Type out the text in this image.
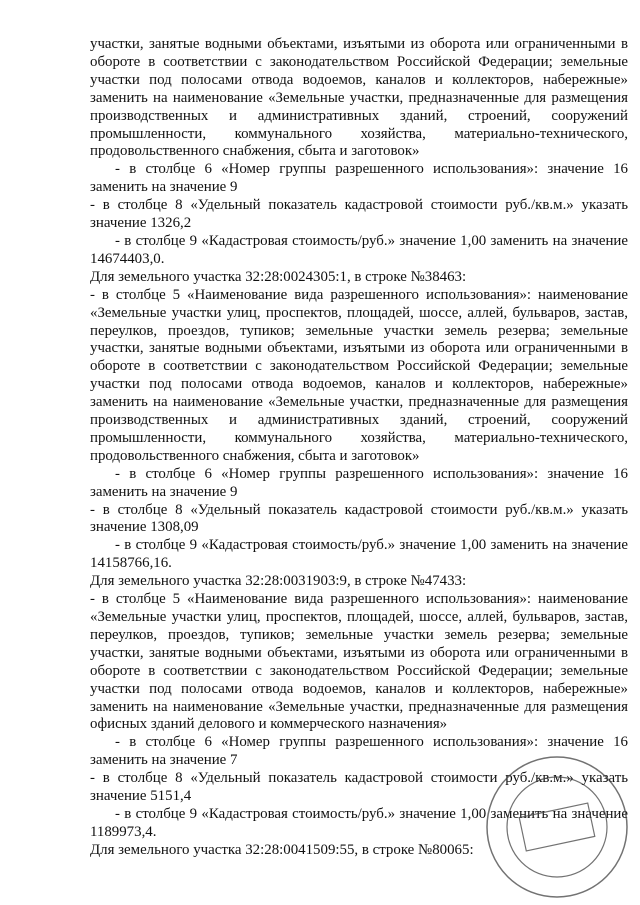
участки, занятые водными объектами, изъятыми из оборота или ограниченными в обороте в соответствии с законодательством Российской Федерации; земельные участки под полосами отвода водоемов, каналов и коллекторов, набережные» заменить на наименование «Земельные участки, предназначенные для размещения производственных и административных зданий, строений, сооружений промышленности, коммунального хозяйства, материально-технического, продовольственного снабжения, сбыта и заготовок»

- в столбце 6 «Номер группы разрешенного использования»: значение 16 заменить на значение 9

- в столбце 8 «Удельный показатель кадастровой стоимости руб./кв.м.» указать значение 1326,2

- в столбце 9 «Кадастровая стоимость/руб.» значение 1,00 заменить на значение 14674403,0.

Для земельного участка 32:28:0024305:1, в строке №38463:

- в столбце 5 «Наименование вида разрешенного использования»: наименование «Земельные участки улиц, проспектов, площадей, шоссе, аллей, бульваров, застав, переулков, проездов, тупиков; земельные участки земель резерва; земельные участки, занятые водными объектами, изъятыми из оборота или ограниченными в обороте в соответствии с законодательством Российской Федерации; земельные участки под полосами отвода водоемов, каналов и коллекторов, набережные» заменить на наименование «Земельные участки, предназначенные для размещения производственных и административных зданий, строений, сооружений промышленности, коммунального хозяйства, материально-технического, продовольственного снабжения, сбыта и заготовок»

- в столбце 6 «Номер группы разрешенного использования»: значение 16 заменить на значение 9

- в столбце 8 «Удельный показатель кадастровой стоимости руб./кв.м.» указать значение 1308,09

- в столбце 9 «Кадастровая стоимость/руб.» значение 1,00 заменить на значение 14158766,16.

Для земельного участка 32:28:0031903:9, в строке №47433:

- в столбце 5 «Наименование вида разрешенного использования»: наименование «Земельные участки улиц, проспектов, площадей, шоссе, аллей, бульваров, застав, переулков, проездов, тупиков; земельные участки земель резерва; земельные участки, занятые водными объектами, изъятыми из оборота или ограниченными в обороте в соответствии с законодательством Российской Федерации; земельные участки под полосами отвода водоемов, каналов и коллекторов, набережные» заменить на наименование «Земельные участки, предназначенные для размещения офисных зданий делового и коммерческого назначения»

- в столбце 6 «Номер группы разрешенного использования»: значение 16 заменить на значение 7

- в столбце 8 «Удельный показатель кадастровой стоимости руб./кв.м.» указать значение 5151,4

- в столбце 9 «Кадастровая стоимость/руб.» значение 1,00 заменить на значение 1189973,4.

Для земельного участка 32:28:0041509:55, в строке №80065:
